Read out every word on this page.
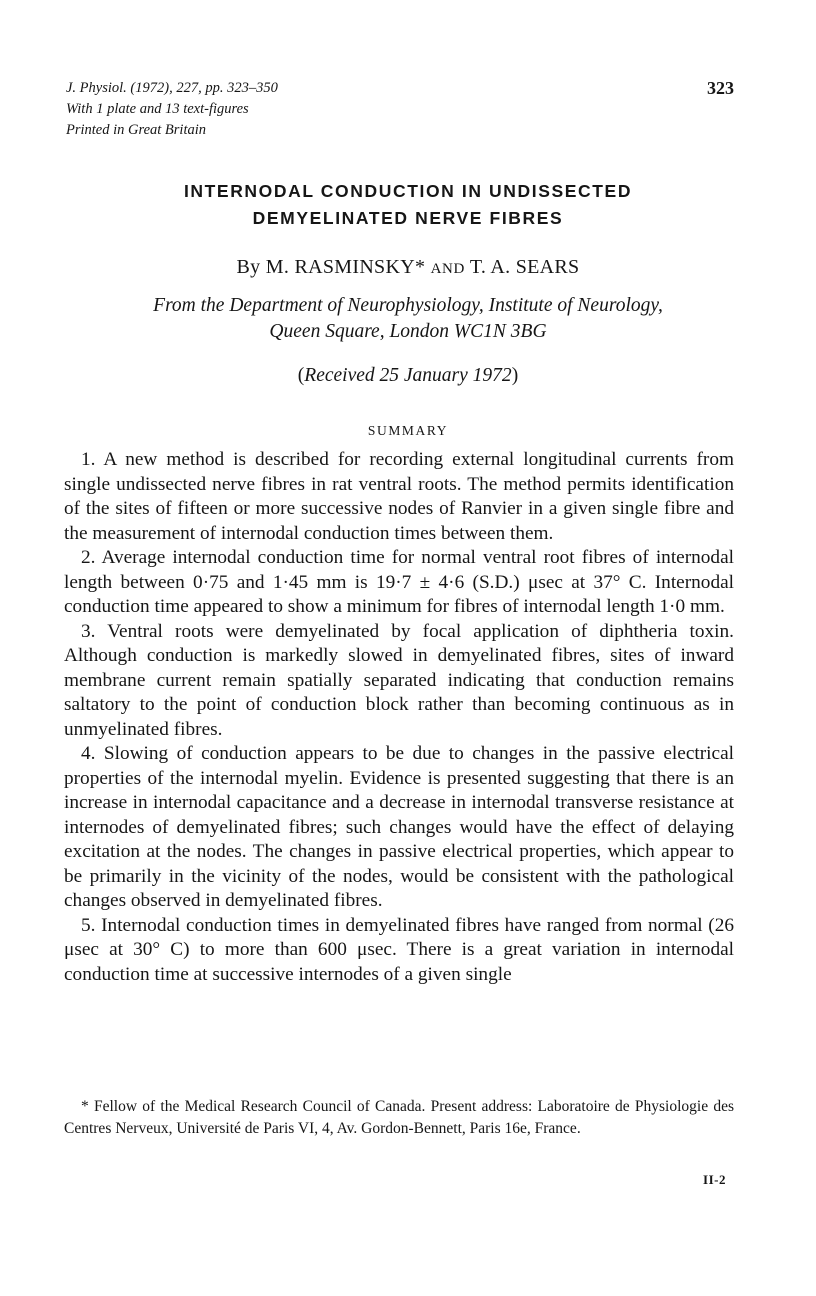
J. Physiol. (1972), 227, pp. 323–350
With 1 plate and 13 text-figures
Printed in Great Britain
323
INTERNODAL CONDUCTION IN UNDISSECTED
DEMYELINATED NERVE FIBRES
By M. RASMINSKY* AND T. A. SEARS
From the Department of Neurophysiology, Institute of Neurology,
Queen Square, London WC1N 3BG
(Received 25 January 1972)
SUMMARY

1. A new method is described for recording external longitudinal currents from single undissected nerve fibres in rat ventral roots. The method permits identification of the sites of fifteen or more successive nodes of Ranvier in a given single fibre and the measurement of internodal conduction times between them.

2. Average internodal conduction time for normal ventral root fibres of internodal length between 0·75 and 1·45 mm is 19·7 ± 4·6 (S.D.) μsec at 37° C. Internodal conduction time appeared to show a minimum for fibres of internodal length 1·0 mm.

3. Ventral roots were demyelinated by focal application of diphtheria toxin. Although conduction is markedly slowed in demyelinated fibres, sites of inward membrane current remain spatially separated indicating that conduction remains saltatory to the point of conduction block rather than becoming continuous as in unmyelinated fibres.

4. Slowing of conduction appears to be due to changes in the passive electrical properties of the internodal myelin. Evidence is presented suggesting that there is an increase in internodal capacitance and a decrease in internodal transverse resistance at internodes of demyelinated fibres; such changes would have the effect of delaying excitation at the nodes. The changes in passive electrical properties, which appear to be primarily in the vicinity of the nodes, would be consistent with the pathological changes observed in demyelinated fibres.

5. Internodal conduction times in demyelinated fibres have ranged from normal (26 μsec at 30° C) to more than 600 μsec. There is a great variation in internodal conduction time at successive internodes of a given single

* Fellow of the Medical Research Council of Canada. Present address: Laboratoire de Physiologie des Centres Nerveux, Université de Paris VI, 4, Av. Gordon-Bennett, Paris 16e, France.

II-2
